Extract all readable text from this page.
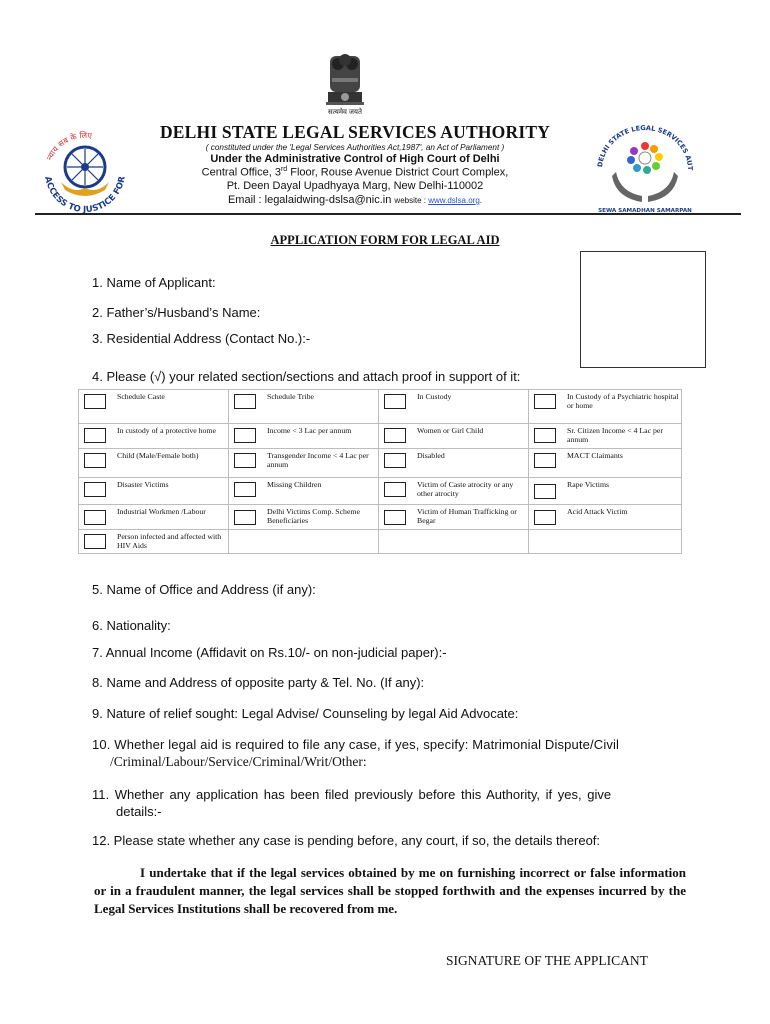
सत्यमेव जयते
न्याय सब के लिए
ACCESS TO JUSTICE FOR
DELHI STATE LEGAL SERVICES AUT
SEWA SAMADHAN SAMARPAN
DELHI STATE LEGAL SERVICES AUTHORITY
( constituted under the 'Legal Services Authorities Act,1987', an Act of Parliament )
Under the Administrative Control of High Court of Delhi
Central Office, 3rd Floor, Rouse Avenue District Court Complex,
Pt. Deen Dayal Upadhyaya Marg, New Delhi-110002
Email : legalaidwing-dslsa@nic.in website : www.dslsa.org.
APPLICATION FORM FOR LEGAL AID
1. Name of Applicant:
2. Father’s/Husband’s Name:
3. Residential Address (Contact No.):-
4. Please (√) your related section/sections and attach proof in support of it:
Schedule Caste	Schedule Tribe	In Custody	In Custody of a Psychiatric hospital or home

In custody of a protective home	Income < 3 Lac per annum	Women or Girl Child	Sr. Citizen Income < 4 Lac per annum

Child (Male/Female both)	Transgender Income < 4 Lac per annum	Disabled	MACT Claimants

Disaster Victims	Missing Children	Victim of Caste atrocity or any other atrocity	Rape Victims

Industrial Workmen /Labour	Delhi Victims Comp. Scheme Beneficiaries	Victim of Human Trafficking or Begar	Acid Attack Victim

Person infected and affected with HIV Aids			

5. Name of Office and Address (if any):
6. Nationality:
7. Annual Income (Affidavit on Rs.10/- on non-judicial paper):-
8. Name and Address of opposite party & Tel. No. (If any):
9. Nature of relief sought: Legal Advise/ Counseling by legal Aid Advocate:
10. Whether legal aid is required to file any case, if yes, specify: Matrimonial Dispute/Civil
/Criminal/Labour/Service/Criminal/Writ/Other:
11. Whether any application has been filed previously before this Authority, if yes, give
details:-
12. Please state whether any case is pending before, any court, if so, the details thereof:
I undertake that if the legal services obtained by me on furnishing incorrect or false information or in a fraudulent manner, the legal services shall be stopped forthwith and the expenses incurred by the Legal Services Institutions shall be recovered from me.
SIGNATURE OF THE APPLICANT
